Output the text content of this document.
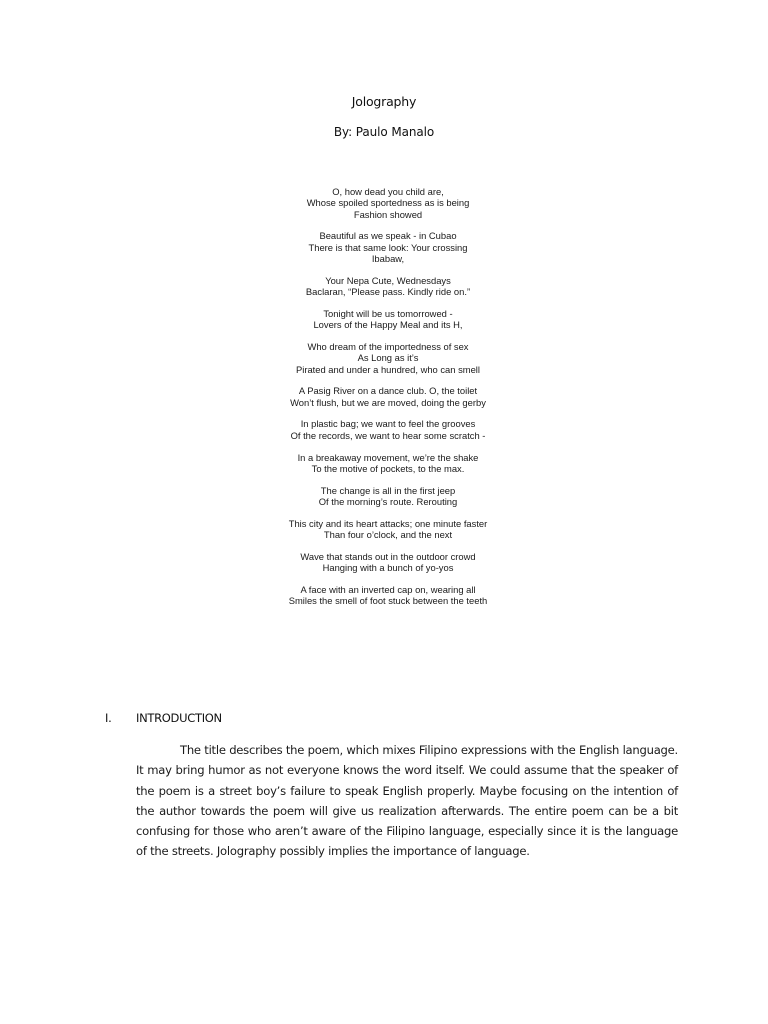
Jolography
By: Paulo Manalo
O, how dead you child are,
Whose spoiled sportedness as is being
Fashion showed
Beautiful as we speak - in Cubao
There is that same look: Your crossing
Ibabaw,
Your Nepa Cute, Wednesdays
Baclaran, “Please pass. Kindly ride on.”
Tonight will be us tomorrowed -
Lovers of the Happy Meal and its H,
Who dream of the importedness of sex
As Long as it’s
Pirated and under a hundred, who can smell
A Pasig River on a dance club. O, the toilet
Won’t flush, but we are moved, doing the gerby
In plastic bag; we want to feel the grooves
Of the records, we want to hear some scratch -
In a breakaway movement, we’re the shake
To the motive of pockets, to the max.
The change is all in the first jeep
Of the morning’s route. Rerouting
This city and its heart attacks; one minute faster
Than four o’clock, and the next
Wave that stands out in the outdoor crowd
Hanging with a bunch of yo-yos
A face with an inverted cap on, wearing all
Smiles the smell of foot stuck between the teeth
I. INTRODUCTION

The title describes the poem, which mixes Filipino expressions with the English language. It may bring humor as not everyone knows the word itself. We could assume that the speaker of the poem is a street boy’s failure to speak English properly. Maybe focusing on the intention of the author towards the poem will give us realization afterwards. The entire poem can be a bit confusing for those who aren’t aware of the Filipino language, especially since it is the language of the streets. Jolography possibly implies the importance of language.
